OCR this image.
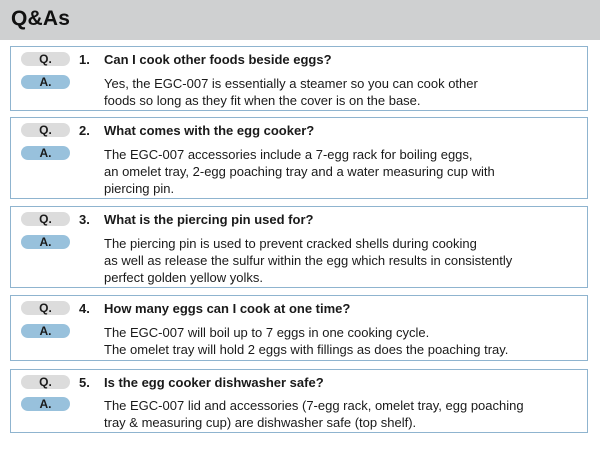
Q&As
Q.	1. Can I cook other foods beside eggs?
A.	Yes, the EGC-007 is essentially a steamer so you can cook other
foods so long as they fit when the cover is on the base.
Q.	2. What comes with the egg cooker?
A.	The EGC-007 accessories include a 7-egg rack for boiling eggs,
an omelet tray, 2-egg poaching tray and a water measuring cup with
piercing pin.
Q.	3. What is the piercing pin used for?
A.	The piercing pin is used to prevent cracked shells during cooking
as well as release the sulfur within the egg which results in consistently
perfect golden yellow yolks.
Q.	4. How many eggs can I cook at one time?
A.	The EGC-007 will boil up to 7 eggs in one cooking cycle.
The omelet tray will hold 2 eggs with fillings as does the poaching tray.
Q.	5. Is the egg cooker dishwasher safe?
A.	The EGC-007 lid and accessories (7-egg rack, omelet tray, egg poaching
tray & measuring cup) are dishwasher safe (top shelf).
